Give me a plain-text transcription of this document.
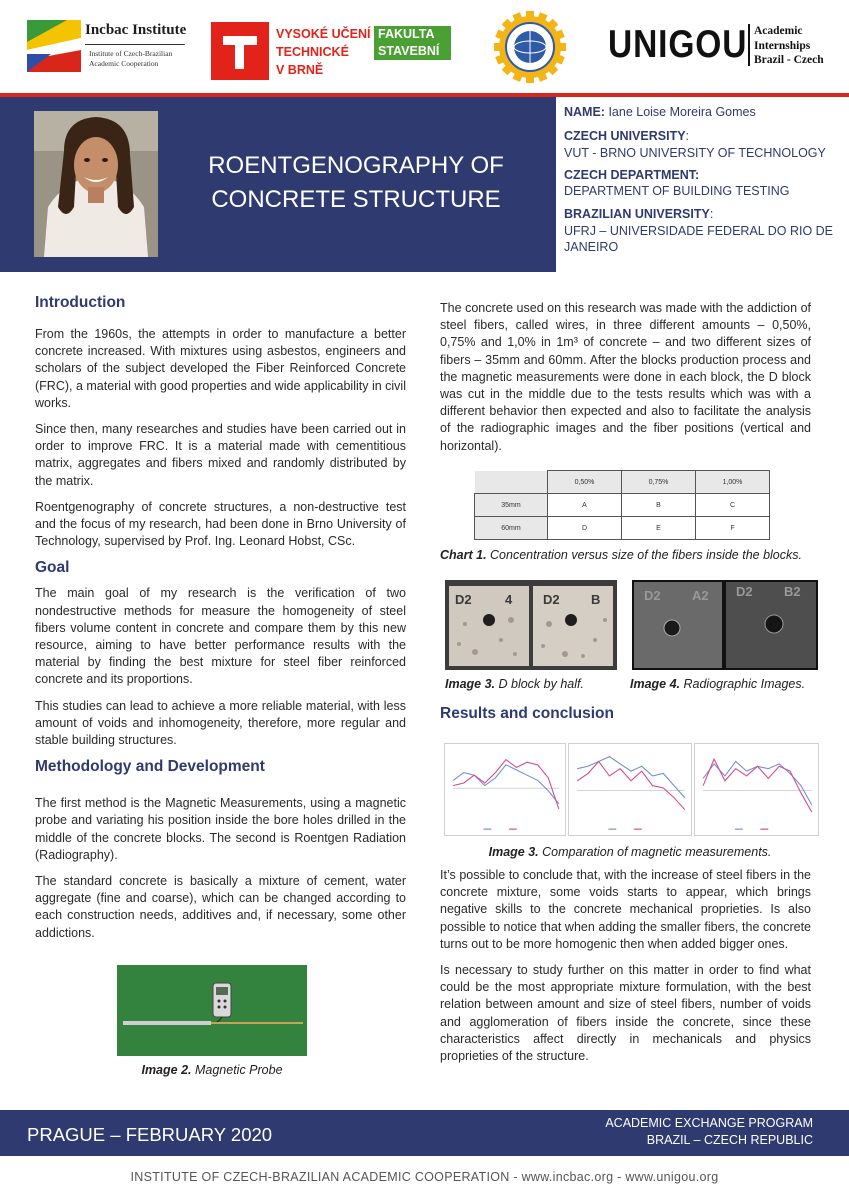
Incbac Institute
Institute of Czech-Brazilian
Academic Cooperation
VYSOKÉ UČENÍ
TECHNICKÉ
V BRNĚ
FAKULTA
STAVEBNÍ	UNIGOU Academic
Internships
Brazil - Czech
ROENTGENOGRAPHY OF
CONCRETE STRUCTURE
NAME: Iane Loise Moreira Gomes
CZECH UNIVERSITY:
VUT - BRNO UNIVERSITY OF TECHNOLOGY
CZECH DEPARTMENT:
DEPARTMENT OF BUILDING TESTING
BRAZILIAN UNIVERSITY:
UFRJ – UNIVERSIDADE FEDERAL DO RIO DE
JANEIRO
Introduction

From the 1960s, the attempts in order to manufacture a better concrete increased. With mixtures using asbestos, engineers and scholars of the subject developed the Fiber Reinforced Concrete (FRC), a material with good properties and wide applicability in civil works.

Since then, many researches and studies have been carried out in order to improve FRC. It is a material made with cementitious matrix, aggregates and fibers mixed and randomly distributed by the matrix.

Roentgenography of concrete structures, a non-destructive test and the focus of my research, had been done in Brno University of Technology, supervised by Prof. Ing. Leonard Hobst, CSc.

Goal

The main goal of my research is the verification of two nondestructive methods for measure the homogeneity of steel fibers volume content in concrete and compare them by this new resource, aiming to have better performance results with the material by finding the best mixture for steel fiber reinforced concrete and its proportions.

This studies can lead to achieve a more reliable material, with less amount of voids and inhomogeneity, therefore, more regular and stable building structures.

Methodology and Development

The first method is the Magnetic Measurements, using a magnetic probe and variating his position inside the bore holes drilled in the middle of the concrete blocks. The second is Roentgen Radiation (Radiography).

The standard concrete is basically a mixture of cement, water aggregate (fine and coarse), which can be changed according to each construction needs, additives and, if necessary, some other addictions.

Image 2. Magnetic Probe

The concrete used on this research was made with the addiction of steel fibers, called wires, in three different amounts – 0,50%, 0,75% and 1,0% in 1m³ of concrete – and two different sizes of fibers – 35mm and 60mm. After the blocks production process and the magnetic measurements were done in each block, the D block was cut in the middle due to the tests results which was with a different behavior then expected and also to facilitate the analysis of the radiographic images and the fiber positions (vertical and horizontal).

	0,50%	0,75%	1,00%
35mm	A	B	C
60mm	D	E	F
Chart 1. Concentration versus size of the fibers inside the blocks.
D2	4 D2 B	D2 A2 D2 B2
Image 3. D block by half.	Image 4. Radiographic Images.
Results and conclusion
Image 3. Comparation of magnetic measurements.

It’s possible to conclude that, with the increase of steel fibers in the concrete mixture, some voids starts to appear, which brings negative skills to the concrete mechanical proprieties. Is also possible to notice that when adding the smaller fibers, the concrete turns out to be more homogenic then when added bigger ones.

Is necessary to study further on this matter in order to find what could be the most appropriate mixture formulation, with the best relation between amount and size of steel fibers, number of voids and agglomeration of fibers inside the concrete, since these characteristics affect directly in mechanicals and physics proprieties of the structure.

PRAGUE – FEBRUARY 2020
ACADEMIC EXCHANGE PROGRAM
BRAZIL – CZECH REPUBLIC
INSTITUTE OF CZECH-BRAZILIAN ACADEMIC COOPERATION - www.incbac.org - www.unigou.org
